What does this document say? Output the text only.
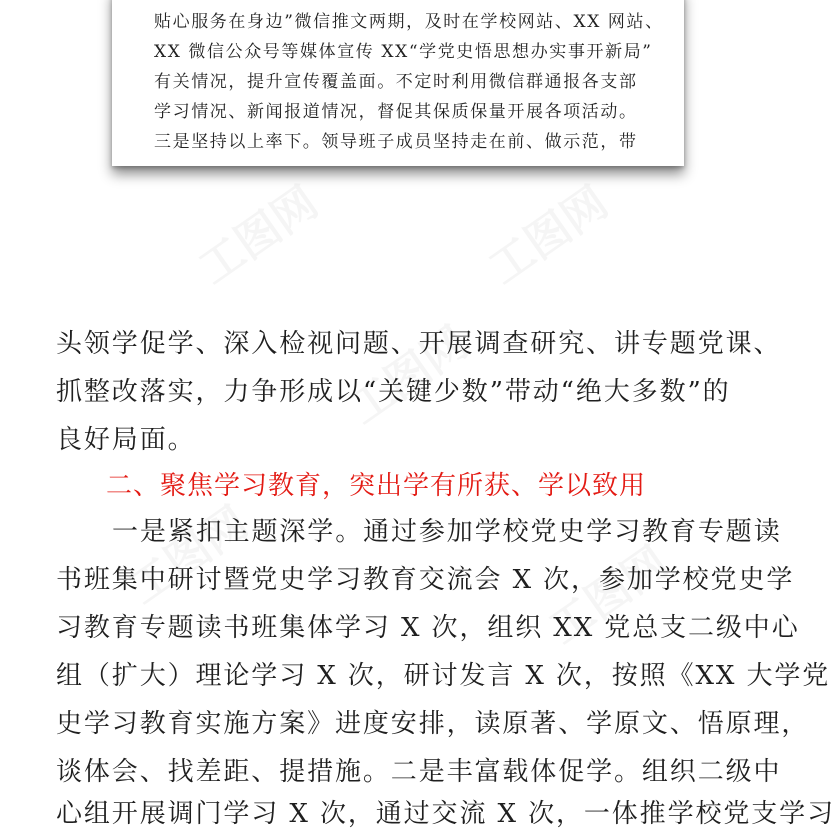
工图网	工图网
工图网
工图网	工图网
贴心服务在身边”微信推文两期，及时在学校网站、XX 网站、
XX 微信公众号等媒体宣传 XX“学党史悟思想办实事开新局”
有关情况，提升宣传覆盖面。不定时利用微信群通报各支部
学习情况、新闻报道情况，督促其保质保量开展各项活动。
三是坚持以上率下。领导班子成员坚持走在前、做示范，带
头领学促学、深入检视问题、开展调查研究、讲专题党课、
抓整改落实，力争形成以“关键少数”带动“绝大多数”的
良好局面。
二、聚焦学习教育，突出学有所获、学以致用
一是紧扣主题深学。通过参加学校党史学习教育专题读
书班集中研讨暨党史学习教育交流会 X 次，参加学校党史学
习教育专题读书班集体学习 X 次，组织 XX 党总支二级中心
组（扩大）理论学习 X 次，研讨发言 X 次，按照《XX 大学党
史学习教育实施方案》进度安排，读原著、学原文、悟原理，
谈体会、找差距、提措施。二是丰富载体促学。组织二级中
心组开展调门学习 X 次，通过交流 X 次，一体推学校党支学习
